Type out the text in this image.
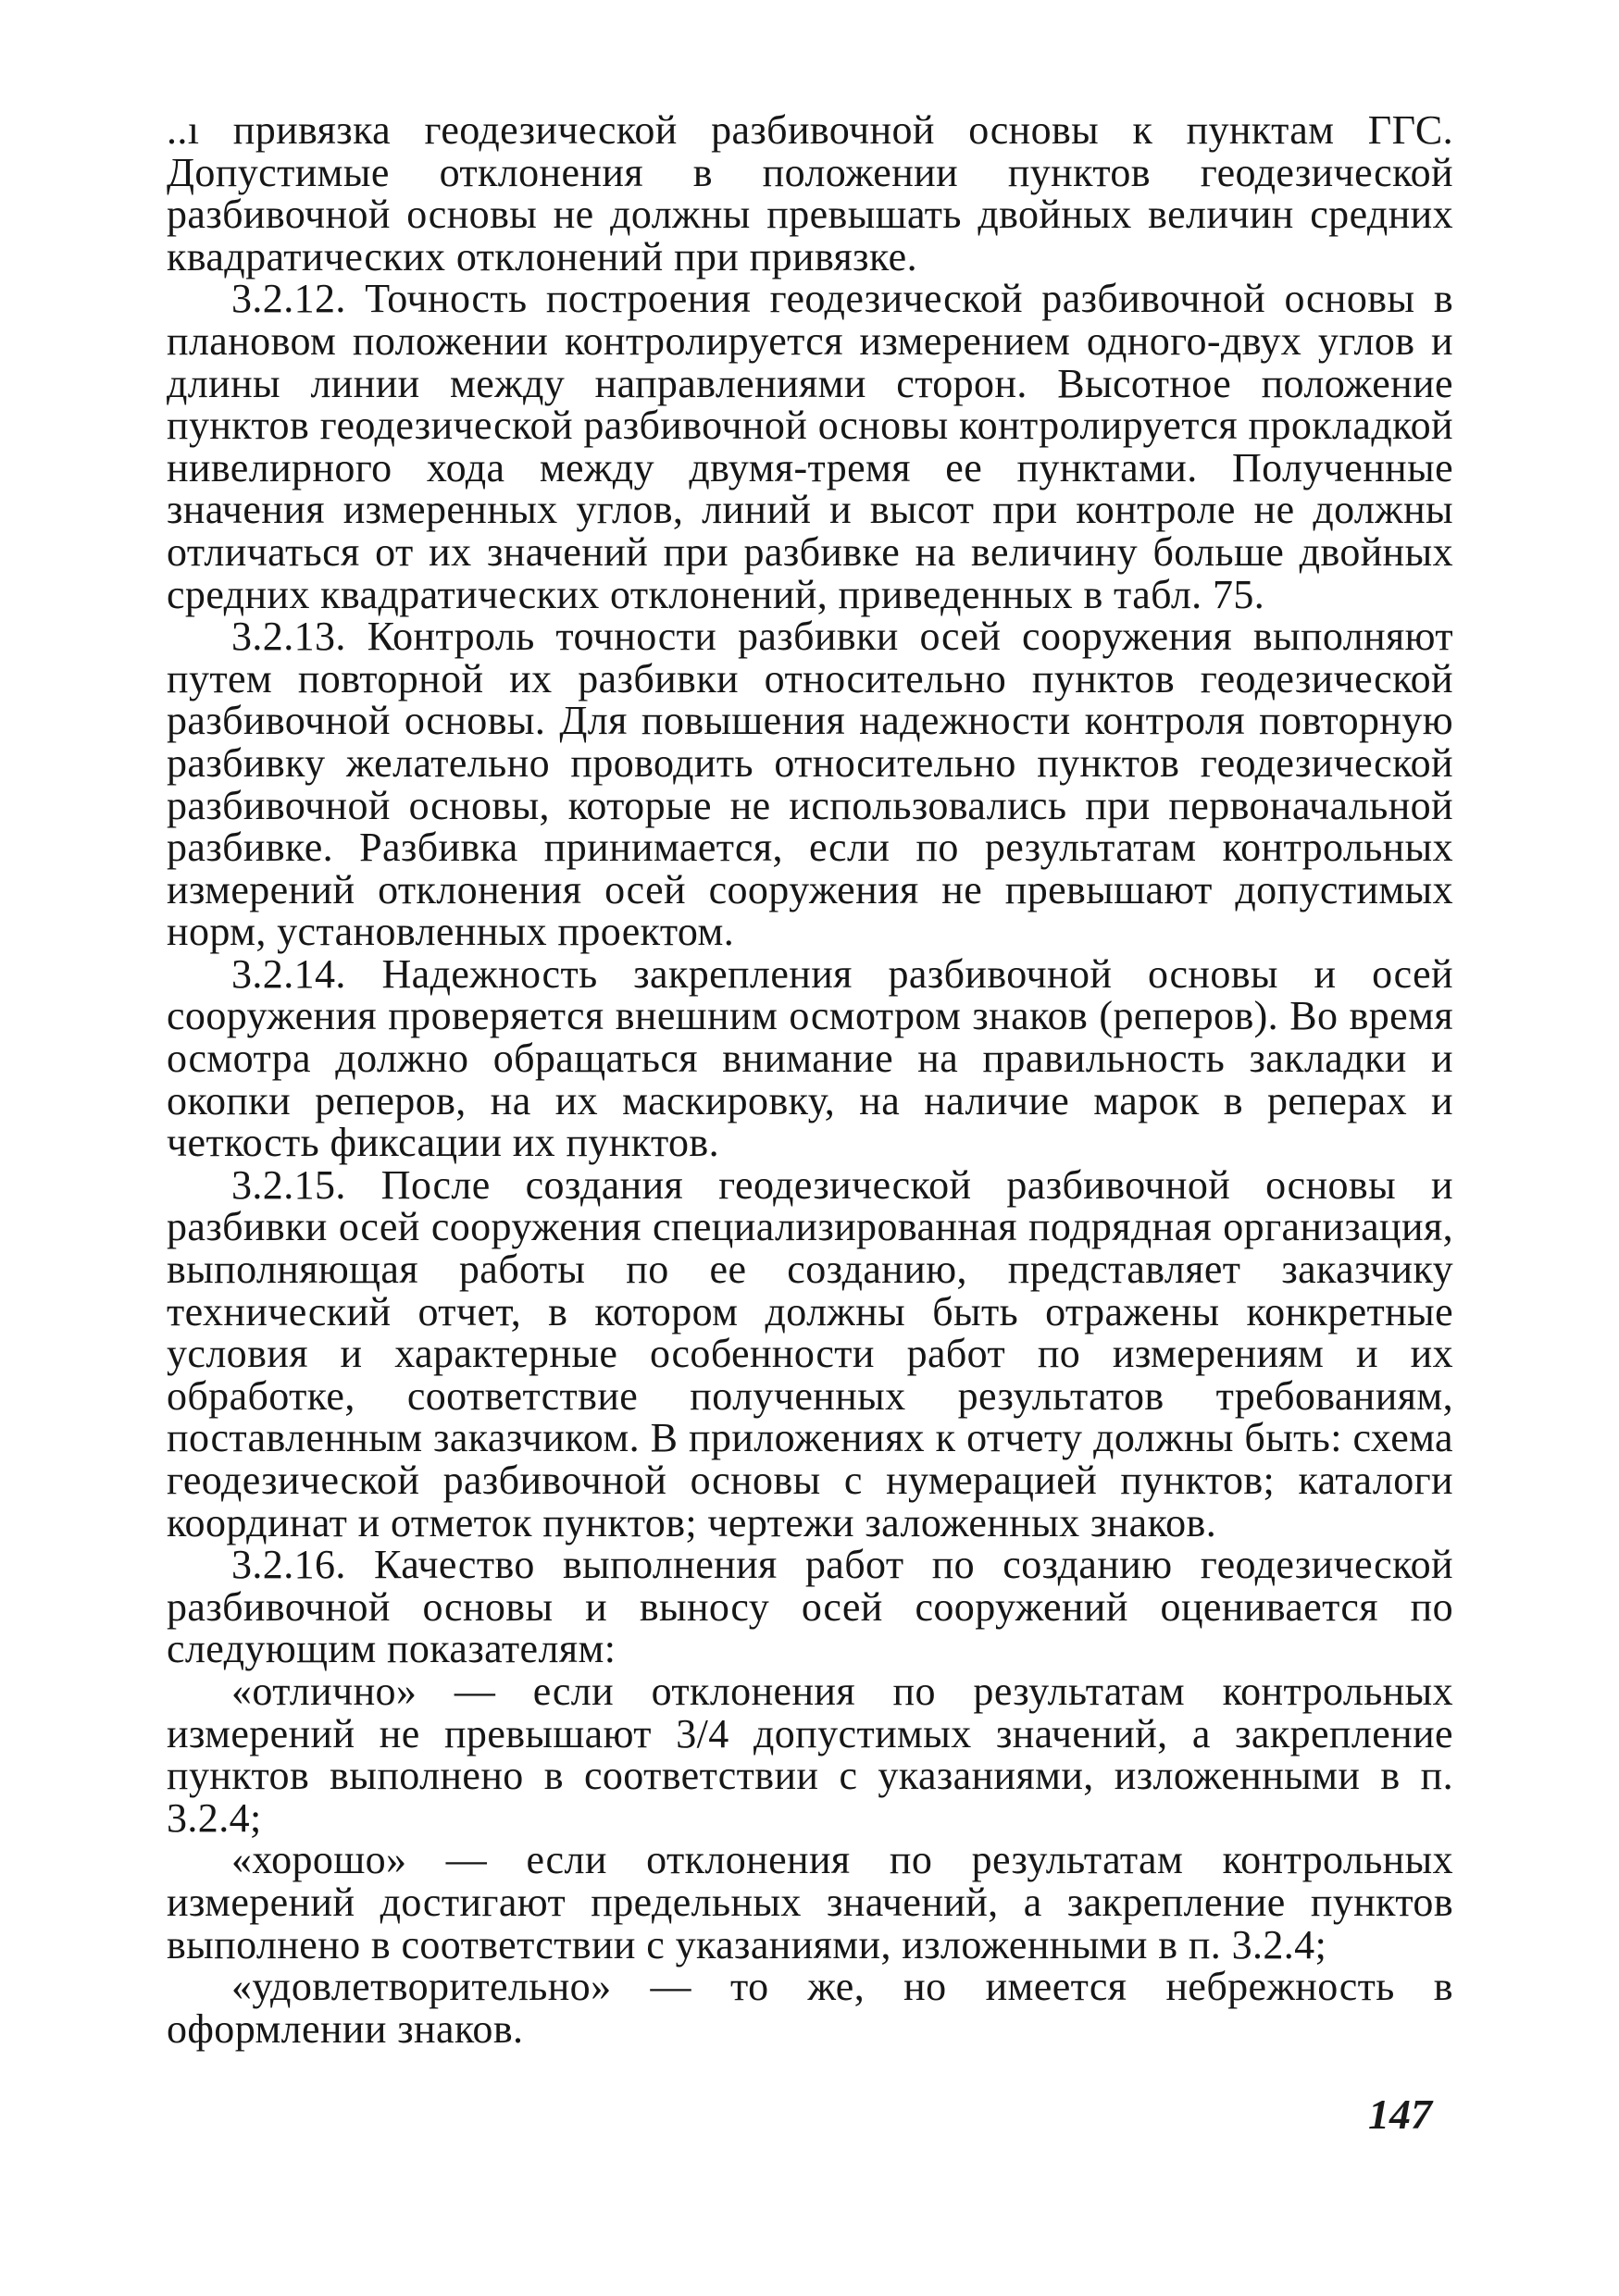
..ı привязка геодезической разбивочной основы к пунктам ГГС. Допустимые отклонения в положении пунктов геодезической разбивочной основы не должны превышать двойных величин средних квадратических отклонений при привязке.

3.2.12. Точность построения геодезической разбивочной основы в плановом положении контролируется измерением одного-двух углов и длины линии между направлениями сторон. Высотное положение пунктов геодезической разбивочной основы контролируется прокладкой нивелирного хода между двумя-тремя ее пунктами. Полученные значения измеренных углов, линий и высот при контроле не должны отличаться от их значений при разбивке на величину больше двойных средних квадратических отклонений, приведенных в табл. 75.

3.2.13. Контроль точности разбивки осей сооружения выполняют путем повторной их разбивки относительно пунктов геодезической разбивочной основы. Для повышения надежности контроля повторную разбивку желательно проводить относительно пунктов геодезической разбивочной основы, которые не использовались при первоначальной разбивке. Разбивка принимается, если по результатам контрольных измерений отклонения осей сооружения не превышают допустимых норм, установленных проектом.

3.2.14. Надежность закрепления разбивочной основы и осей сооружения проверяется внешним осмотром знаков (реперов). Во время осмотра должно обращаться внимание на правильность закладки и окопки реперов, на их маскировку, на наличие марок в реперах и четкость фиксации их пунктов.

3.2.15. После создания геодезической разбивочной основы и разбивки осей сооружения специализированная подрядная организация, выполняющая работы по ее созданию, представляет заказчику технический отчет, в котором должны быть отражены конкретные условия и характерные особенности работ по измерениям и их обработке, соответствие полученных результатов требованиям, поставленным заказчиком. В приложениях к отчету должны быть: схема геодезической разбивочной основы с нумерацией пунктов; каталоги координат и отметок пунктов; чертежи заложенных знаков.

3.2.16. Качество выполнения работ по созданию геодезической разбивочной основы и выносу осей сооружений оценивается по следующим показателям:

«отлично» — если отклонения по результатам контрольных измерений не превышают 3/4 допустимых значений, а закрепление пунктов выполнено в соответствии с указаниями, изложенными в п. 3.2.4;

«хорошо» — если отклонения по результатам контрольных измерений достигают предельных значений, а закрепление пунктов выполнено в соответствии с указаниями, изложенными в п. 3.2.4;

«удовлетворительно» — то же, но имеется небрежность в оформлении знаков.

147
